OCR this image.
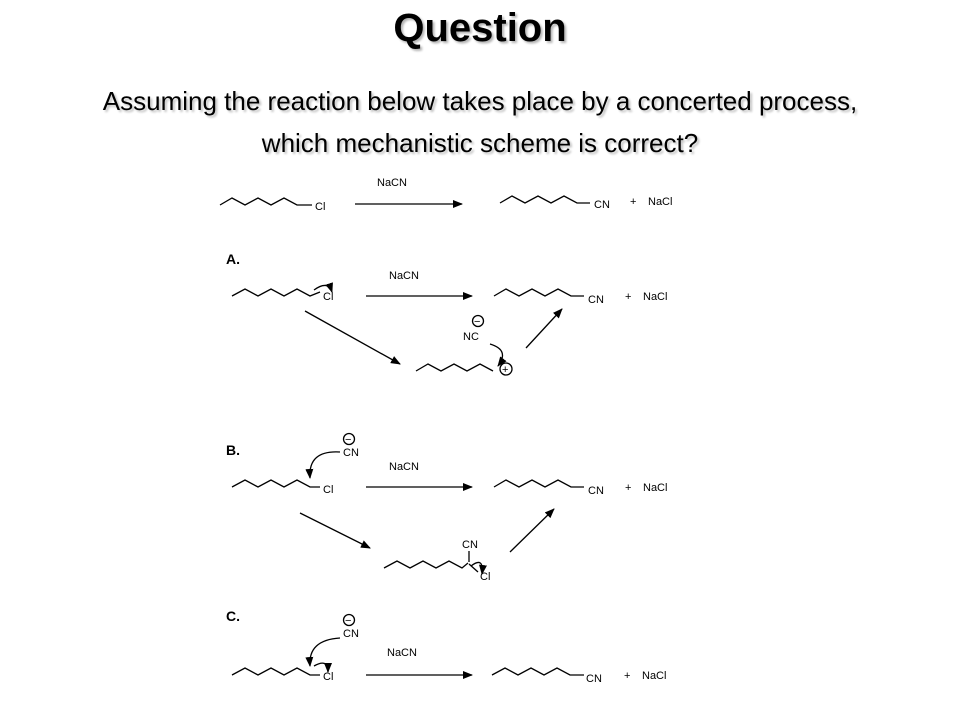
Question
Assuming the reaction below takes place by a concerted process,
which mechanistic scheme is correct?
Cl
NaCN
CN + NaCl
A.
Cl
NaCN
CN + NaCl
NC
−
+
B.	CN
−
Cl
NaCN
CN + NaCl
CN
Cl
C.
CN
−
Cl
NaCN
CN + NaCl
